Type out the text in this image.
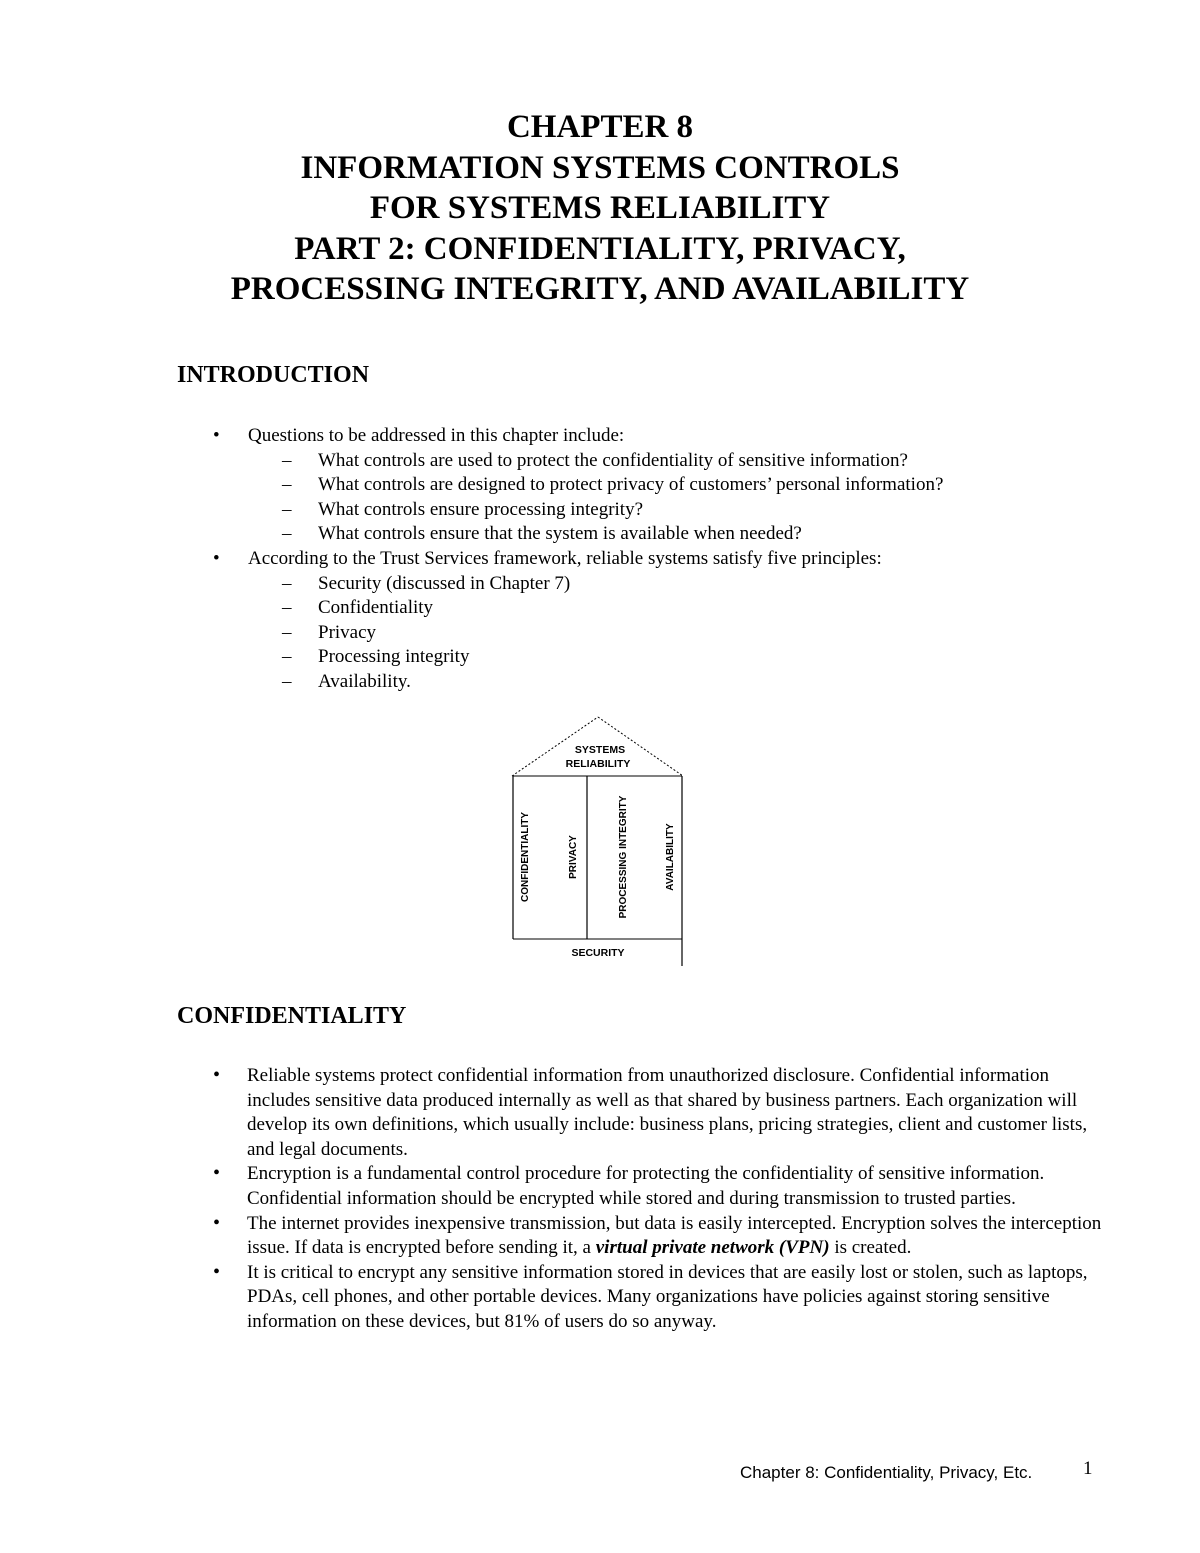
CHAPTER 8
INFORMATION SYSTEMS CONTROLS
FOR SYSTEMS RELIABILITY
PART 2: CONFIDENTIALITY, PRIVACY,
PROCESSING INTEGRITY, AND AVAILABILITY
INTRODUCTION
• Questions to be addressed in this chapter include:
– What controls are used to protect the confidentiality of sensitive information?
– What controls are designed to protect privacy of customers’ personal information?
– What controls ensure processing integrity?
– What controls ensure that the system is available when needed?
• According to the Trust Services framework, reliable systems satisfy five principles:
– Security (discussed in Chapter 7)
– Confidentiality
– Privacy
– Processing integrity
– Availability.
SYSTEMS
RELIABILITY
CONFIDENTIALITY	PRIVACY	PROCESSING INTEGRITY	AVAILABILITY
SECURITY
CONFIDENTIALITY
• Reliable systems protect confidential information from unauthorized disclosure. Confidential information includes sensitive data produced internally as well as that shared by business partners. Each organization will develop its own definitions, which usually include: business plans, pricing strategies, client and customer lists, and legal documents.
• Encryption is a fundamental control procedure for protecting the confidentiality of sensitive information. Confidential information should be encrypted while stored and during transmission to trusted parties.
• The internet provides inexpensive transmission, but data is easily intercepted. Encryption solves the interception issue. If data is encrypted before sending it, a virtual private network (VPN) is created.
• It is critical to encrypt any sensitive information stored in devices that are easily lost or stolen, such as laptops, PDAs, cell phones, and other portable devices. Many organizations have policies against storing sensitive information on these devices, but 81% of users do so anyway.
Chapter 8: Confidentiality, Privacy, Etc.	1
